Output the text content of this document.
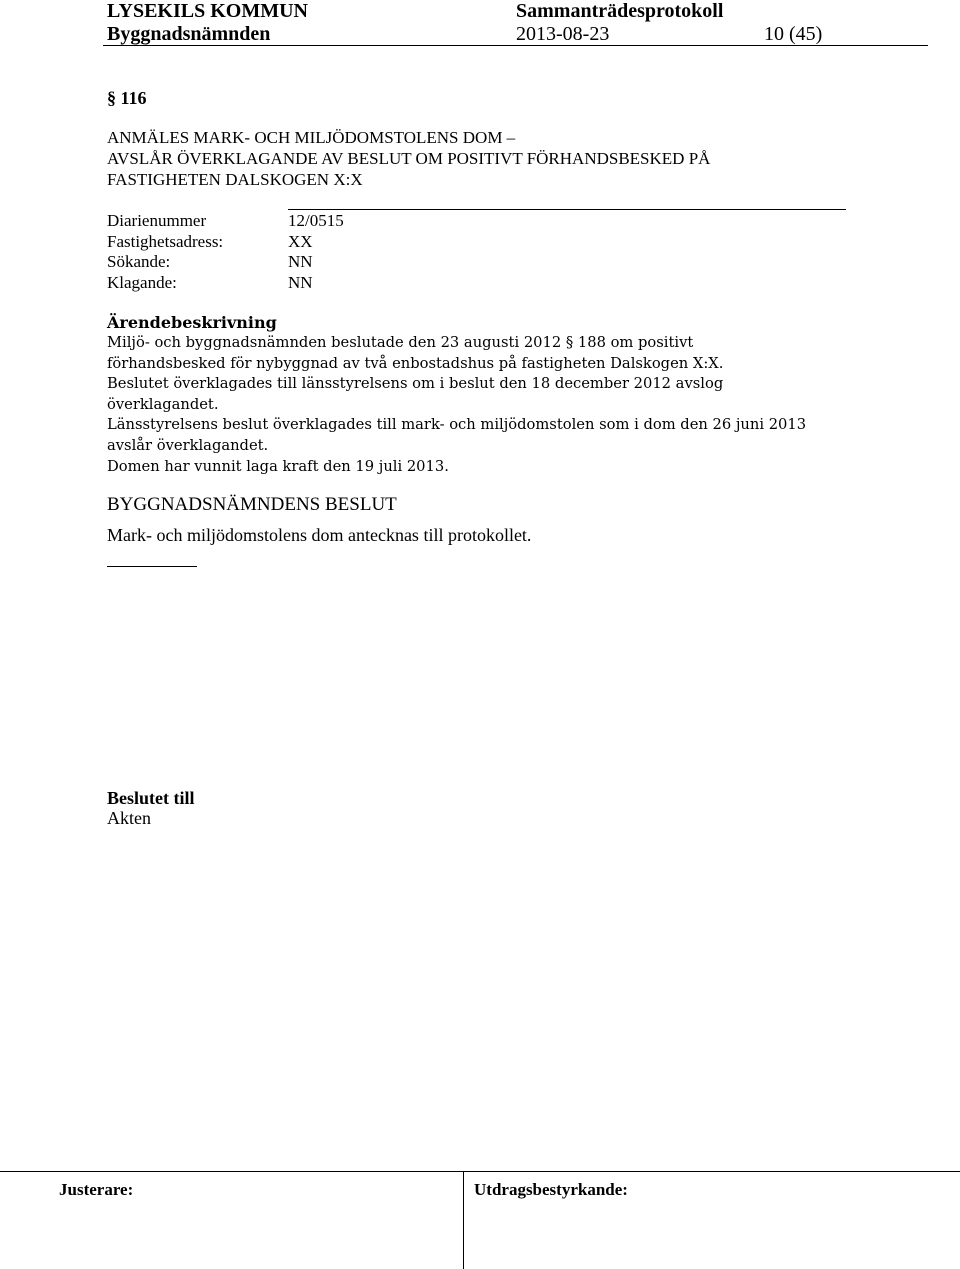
LYSEKILS KOMMUN	Sammanträdesprotokoll
Byggnadsnämnden	2013-08-23	10 (45)
§ 116
ANMÄLES MARK- OCH MILJÖDOMSTOLENS DOM –
AVSLÅR ÖVERKLAGANDE AV BESLUT OM POSITIVT FÖRHANDSBESKED PÅ
FASTIGHETEN DALSKOGEN X:X
Diarienummer	12/0515
Fastighetsadress:	XX
Sökande:	NN
Klagande:	NN
Ärendebeskrivning
Miljö- och byggnadsnämnden beslutade den 23 augusti 2012 § 188 om positivt
förhandsbesked för nybyggnad av två enbostadshus på fastigheten Dalskogen X:X.
Beslutet överklagades till länsstyrelsens om i beslut den 18 december 2012 avslog
överklagandet.
Länsstyrelsens beslut överklagades till mark- och miljödomstolen som i dom den 26 juni 2013
avslår överklagandet.
Domen har vunnit laga kraft den 19 juli 2013.
BYGGNADSNÄMNDENS BESLUT
Mark- och miljödomstolens dom antecknas till protokollet.
Beslutet till
Akten
Justerare:	Utdragsbestyrkande:
